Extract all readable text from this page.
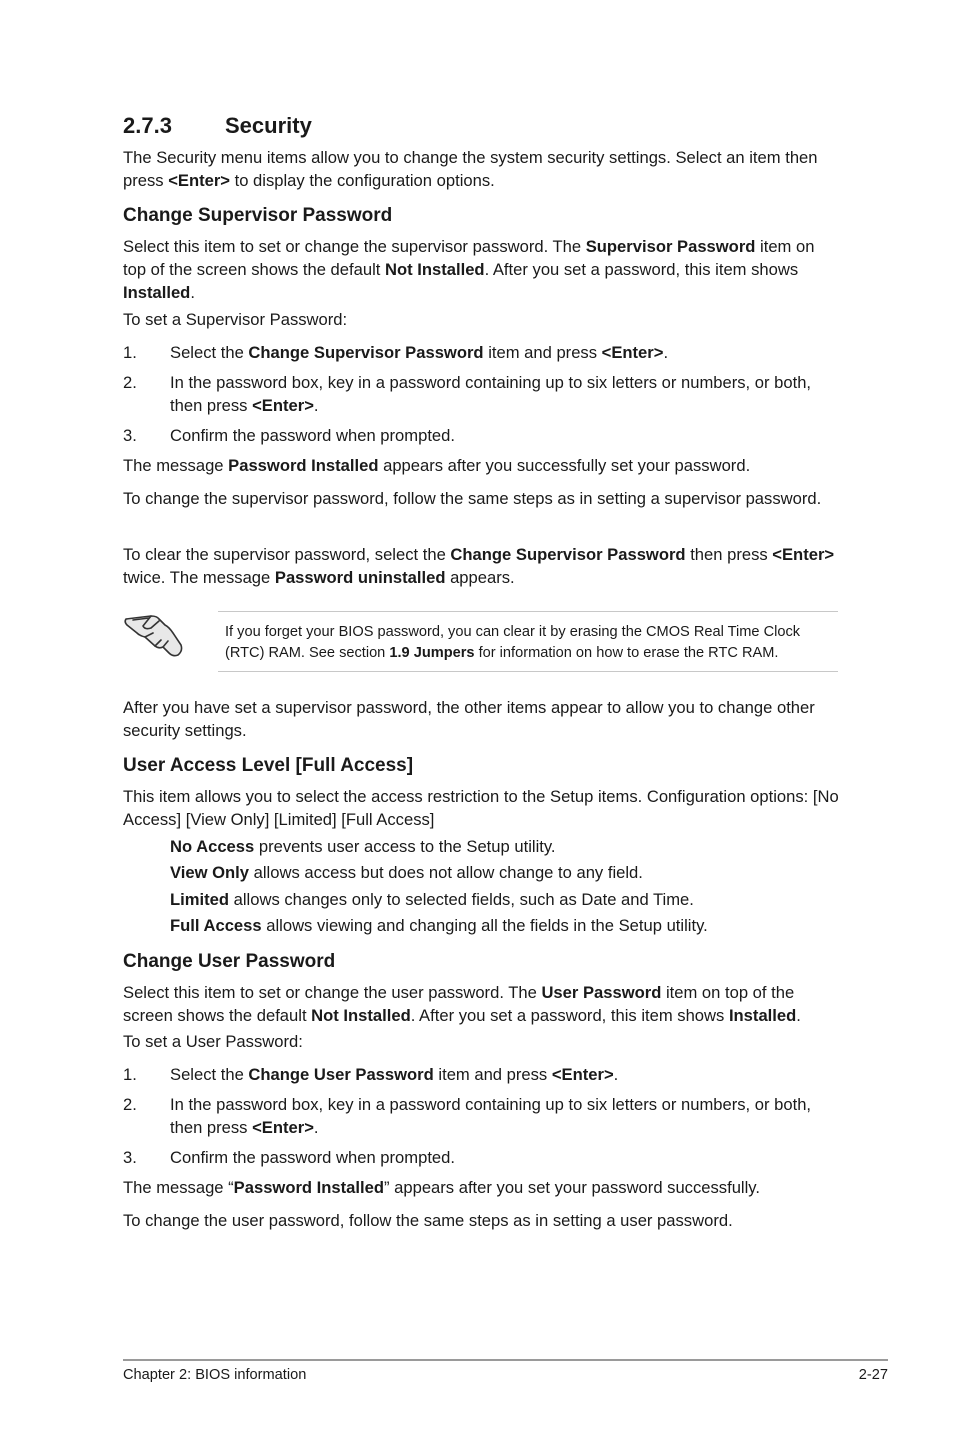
2.7.3 Security

The Security menu items allow you to change the system security settings. Select an item then press <Enter> to display the configuration options.

Change Supervisor Password

Select this item to set or change the supervisor password. The Supervisor Password item on top of the screen shows the default Not Installed. After you set a password, this item shows Installed.

To set a Supervisor Password:

1. Select the Change Supervisor Password item and press <Enter>.
2. In the password box, key in a password containing up to six letters or numbers, or both, then press <Enter>.
3. Confirm the password when prompted.

The message Password Installed appears after you successfully set your password.

To change the supervisor password, follow the same steps as in setting a supervisor password.

To clear the supervisor password, select the Change Supervisor Password then press <Enter> twice. The message Password uninstalled appears.

If you forget your BIOS password, you can clear it by erasing the CMOS Real Time Clock (RTC) RAM. See section 1.9 Jumpers for information on how to erase the RTC RAM.

After you have set a supervisor password, the other items appear to allow you to change other security settings.

User Access Level [Full Access]

This item allows you to select the access restriction to the Setup items. Configuration options: [No Access] [View Only] [Limited] [Full Access]

No Access prevents user access to the Setup utility.
View Only allows access but does not allow change to any field.
Limited allows changes only to selected fields, such as Date and Time.
Full Access allows viewing and changing all the fields in the Setup utility.
Change User Password

Select this item to set or change the user password. The User Password item on top of the screen shows the default Not Installed. After you set a password, this item shows Installed.

To set a User Password:

1. Select the Change User Password item and press <Enter>.
2. In the password box, key in a password containing up to six letters or numbers, or both, then press <Enter>.
3. Confirm the password when prompted.

The message “Password Installed” appears after you set your password successfully.

To change the user password, follow the same steps as in setting a user password.

Chapter 2: BIOS information	2-27
